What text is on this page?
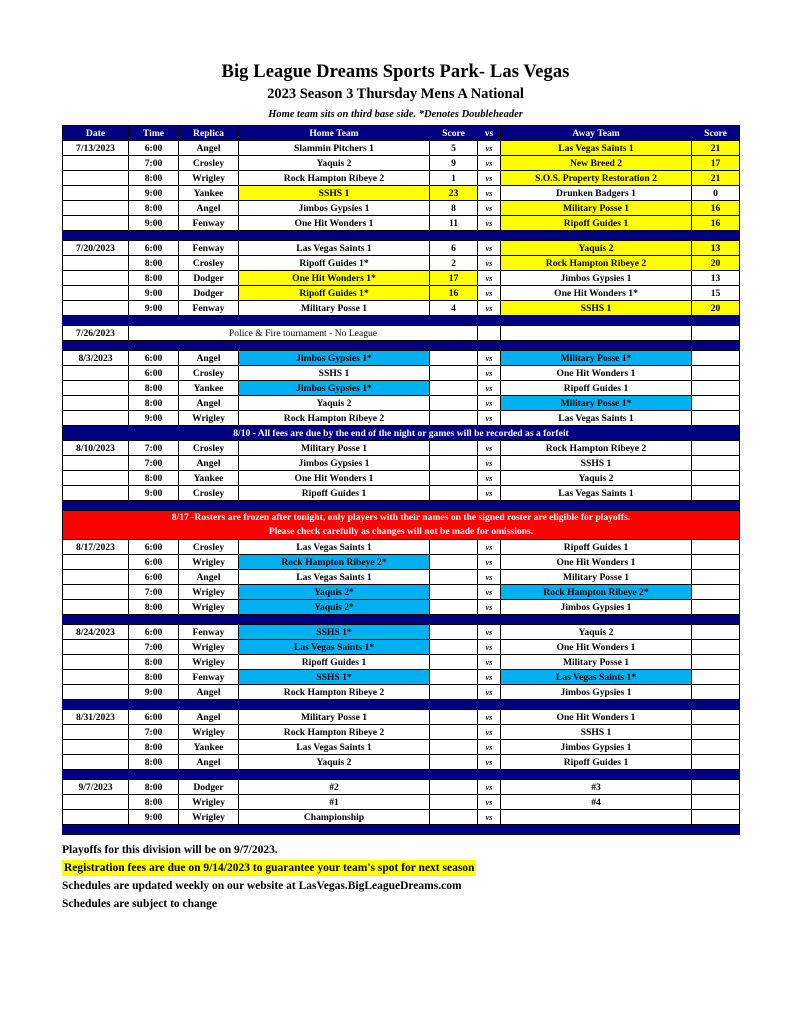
Big League Dreams Sports Park- Las Vegas
2023 Season 3 Thursday Mens A National
Home team sits on third base side. *Denotes Doubleheader
Date	Time	Replica	Home Team	Score	vs	Away Team	Score
7/13/2023	6:00	Angel	Slammin Pitchers 1	5	vs	Las Vegas Saints 1	21
	7:00	Crosley	Yaquis 2	9	vs	New Breed 2	17
	8:00	Wrigley	Rock Hampton Ribeye 2	1	vs	S.O.S. Property Restoration 2	21
	9:00	Yankee	SSHS 1	23	vs	Drunken Badgers 1	0
	8:00	Angel	Jimbos Gypsies 1	8	vs	Military Posse 1	16
	9:00	Fenway	One Hit Wonders 1	11	vs	Ripoff Guides 1	16

7/20/2023	6:00	Fenway	Las Vegas Saints 1	6	vs	Yaquis 2	13
	8:00	Crosley	Ripoff Guides 1*	2	vs	Rock Hampton Ribeye 2	20
	8:00	Dodger	One Hit Wonders 1*	17	vs	Jimbos Gypsies 1	13
	9:00	Dodger	Ripoff Guides 1*	16	vs	One Hit Wonders 1*	15
	9:00	Fenway	Military Posse 1	4	vs	SSHS 1	20

7/26/2023	Police & Fire tournament - No League						

8/3/2023	6:00	Angel	Jimbos Gypsies 1*		vs	Military Posse 1*	
	6:00	Crosley	SSHS 1		vs	One Hit Wonders 1	
	8:00	Yankee	Jimbos Gypsies 1*		vs	Ripoff Guides 1	
	8:00	Angel	Yaquis 2		vs	Military Posse 1*	
	9:00	Wrigley	Rock Hampton Ribeye 2		vs	Las Vegas Saints 1	
8/10 - All fees are due by the end of the night or games will be recorded as a forfeit							
8/10/2023	7:00	Crosley	Military Posse 1		vs	Rock Hampton Ribeye 2	
	7:00	Angel	Jimbos Gypsies 1		vs	SSHS 1	
	8:00	Yankee	One Hit Wonders 1		vs	Yaquis 2	
	9:00	Crosley	Ripoff Guides 1		vs	Las Vegas Saints 1	

8/17 -Rosters are frozen after tonight, only players with their names on the signed roster are eligible for playoffs.
Please check carefully as changes will not be made for omissions.							

8/17/2023	6:00	Crosley	Las Vegas Saints 1		vs	Ripoff Guides 1	
	6:00	Wrigley	Rock Hampton Ribeye 2*		vs	One Hit Wonders 1	
	6:00	Angel	Las Vegas Saints 1		vs	Military Posse 1	
	7:00	Wrigley	Yaquis 2*		vs	Rock Hampton Ribeye 2*	
	8:00	Wrigley	Yaquis 2*		vs	Jimbos Gypsies 1	

8/24/2023	6:00	Fenway	SSHS 1*		vs	Yaquis 2	
	7:00	Wrigley	Las Vegas Saints 1*		vs	One Hit Wonders 1	
	8:00	Wrigley	Ripoff Guides 1		vs	Military Posse 1	
	8:00	Fenway	SSHS 1*		vs	Las Vegas Saints 1*	
	9:00	Angel	Rock Hampton Ribeye 2		vs	Jimbos Gypsies 1	

8/31/2023	6:00	Angel	Military Posse 1		vs	One Hit Wonders 1	
	7:00	Wrigley	Rock Hampton Ribeye 2		vs	SSHS 1	
	8:00	Yankee	Las Vegas Saints 1		vs	Jimbos Gypsies 1	
	8:00	Angel	Yaquis 2		vs	Ripoff Guides 1	

9/7/2023	8:00	Dodger	#2		vs	#3	
	8:00	Wrigley	#1		vs	#4	
	9:00	Wrigley	Championship		vs		

Playoffs for this division will be on 9/7/2023.
Registration fees are due on 9/14/2023 to guarantee your team's spot for next season
Schedules are updated weekly on our website at LasVegas.BigLeagueDreams.com
Schedules are subject to change
